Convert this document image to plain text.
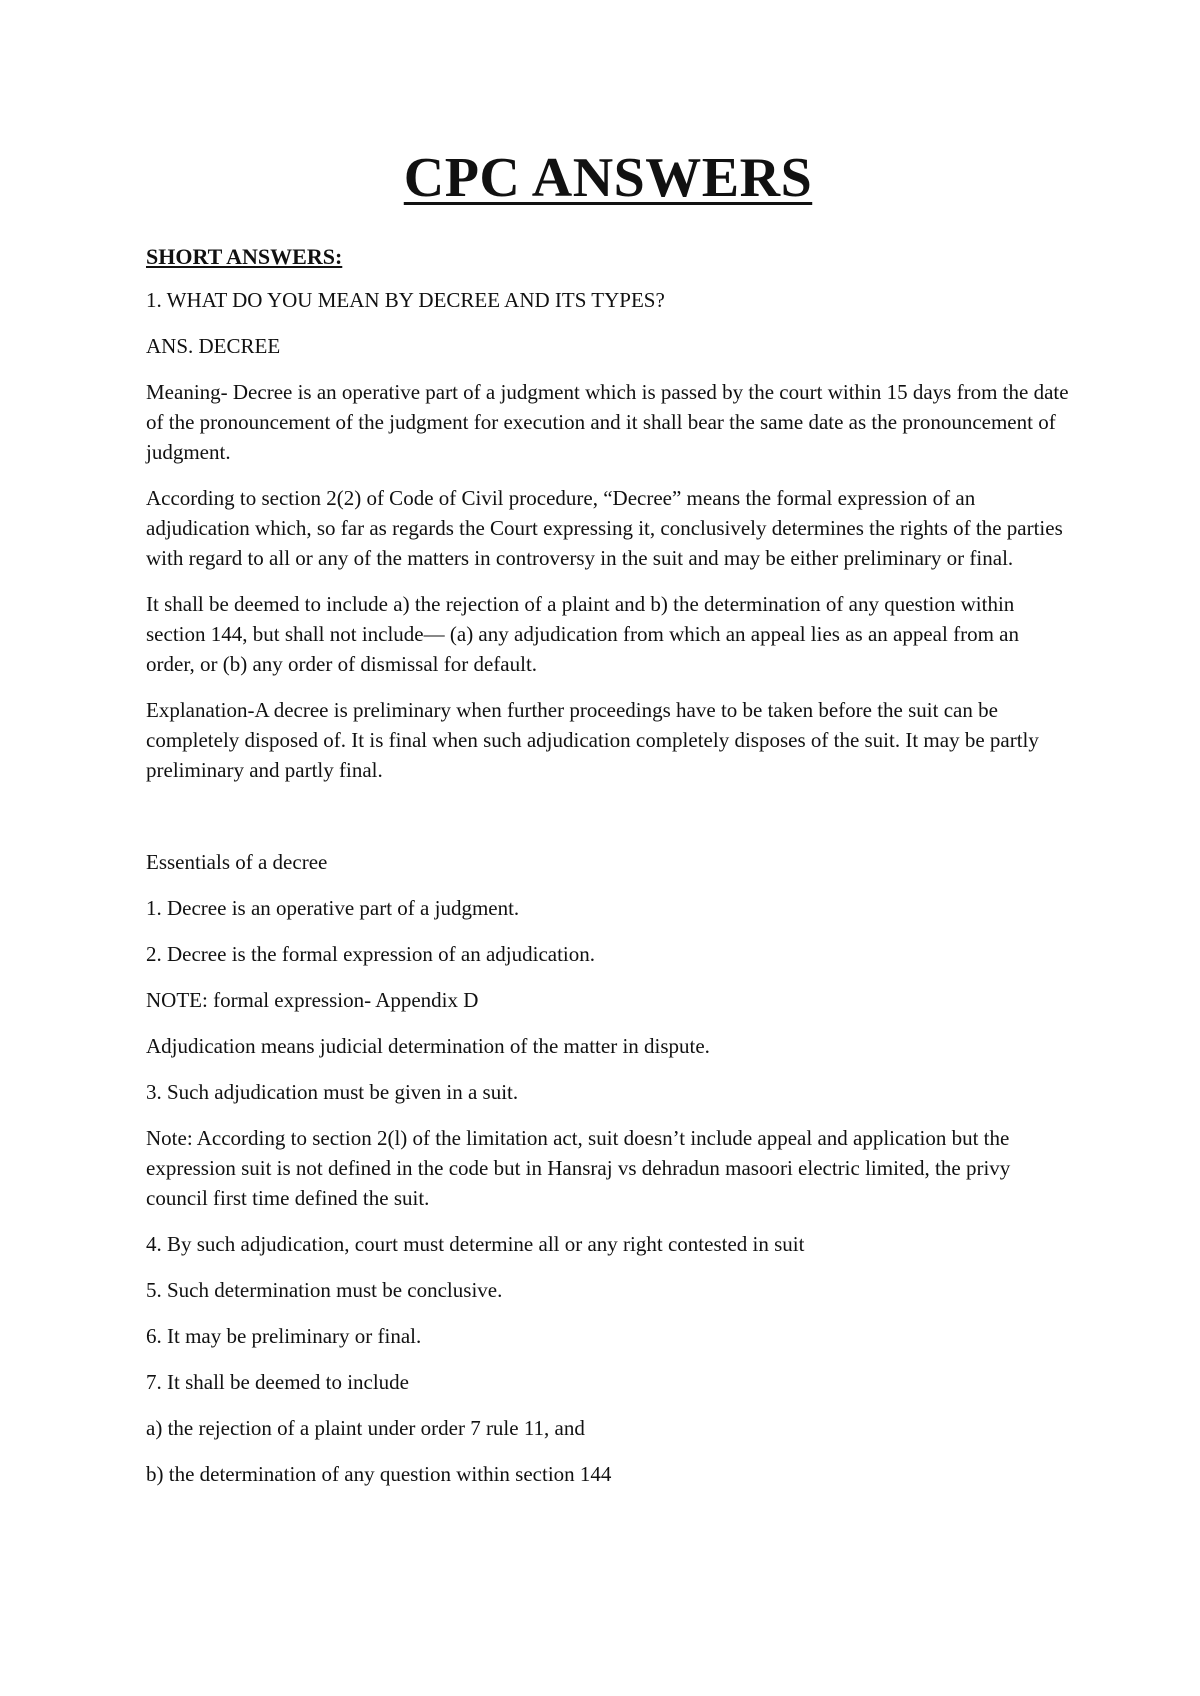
CPC ANSWERS
SHORT ANSWERS:

1. WHAT DO YOU MEAN BY DECREE AND ITS TYPES?

ANS. DECREE

Meaning- Decree is an operative part of a judgment which is passed by the court within 15 days from the date of the pronouncement of the judgment for execution and it shall bear the same date as the pronouncement of judgment.

According to section 2(2) of Code of Civil procedure, “Decree” means the formal expression of an adjudication which, so far as regards the Court expressing it, conclusively determines the rights of the parties with regard to all or any of the matters in controversy in the suit and may be either preliminary or final.

It shall be deemed to include a) the rejection of a plaint and b) the determination of any question within section 144, but shall not include— (a) any adjudication from which an appeal lies as an appeal from an order, or (b) any order of dismissal for default.

Explanation-A decree is preliminary when further proceedings have to be taken before the suit can be completely disposed of. It is final when such adjudication completely disposes of the suit. It may be partly preliminary and partly final.

Essentials of a decree

1. Decree is an operative part of a judgment.

2. Decree is the formal expression of an adjudication.

NOTE: formal expression- Appendix D

Adjudication means judicial determination of the matter in dispute.

3. Such adjudication must be given in a suit.

Note: According to section 2(l) of the limitation act, suit doesn’t include appeal and application but the expression suit is not defined in the code but in Hansraj vs dehradun masoori electric limited, the privy council first time defined the suit.

4. By such adjudication, court must determine all or any right contested in suit

5. Such determination must be conclusive.

6. It may be preliminary or final.

7. It shall be deemed to include

a) the rejection of a plaint under order 7 rule 11, and

b) the determination of any question within section 144
